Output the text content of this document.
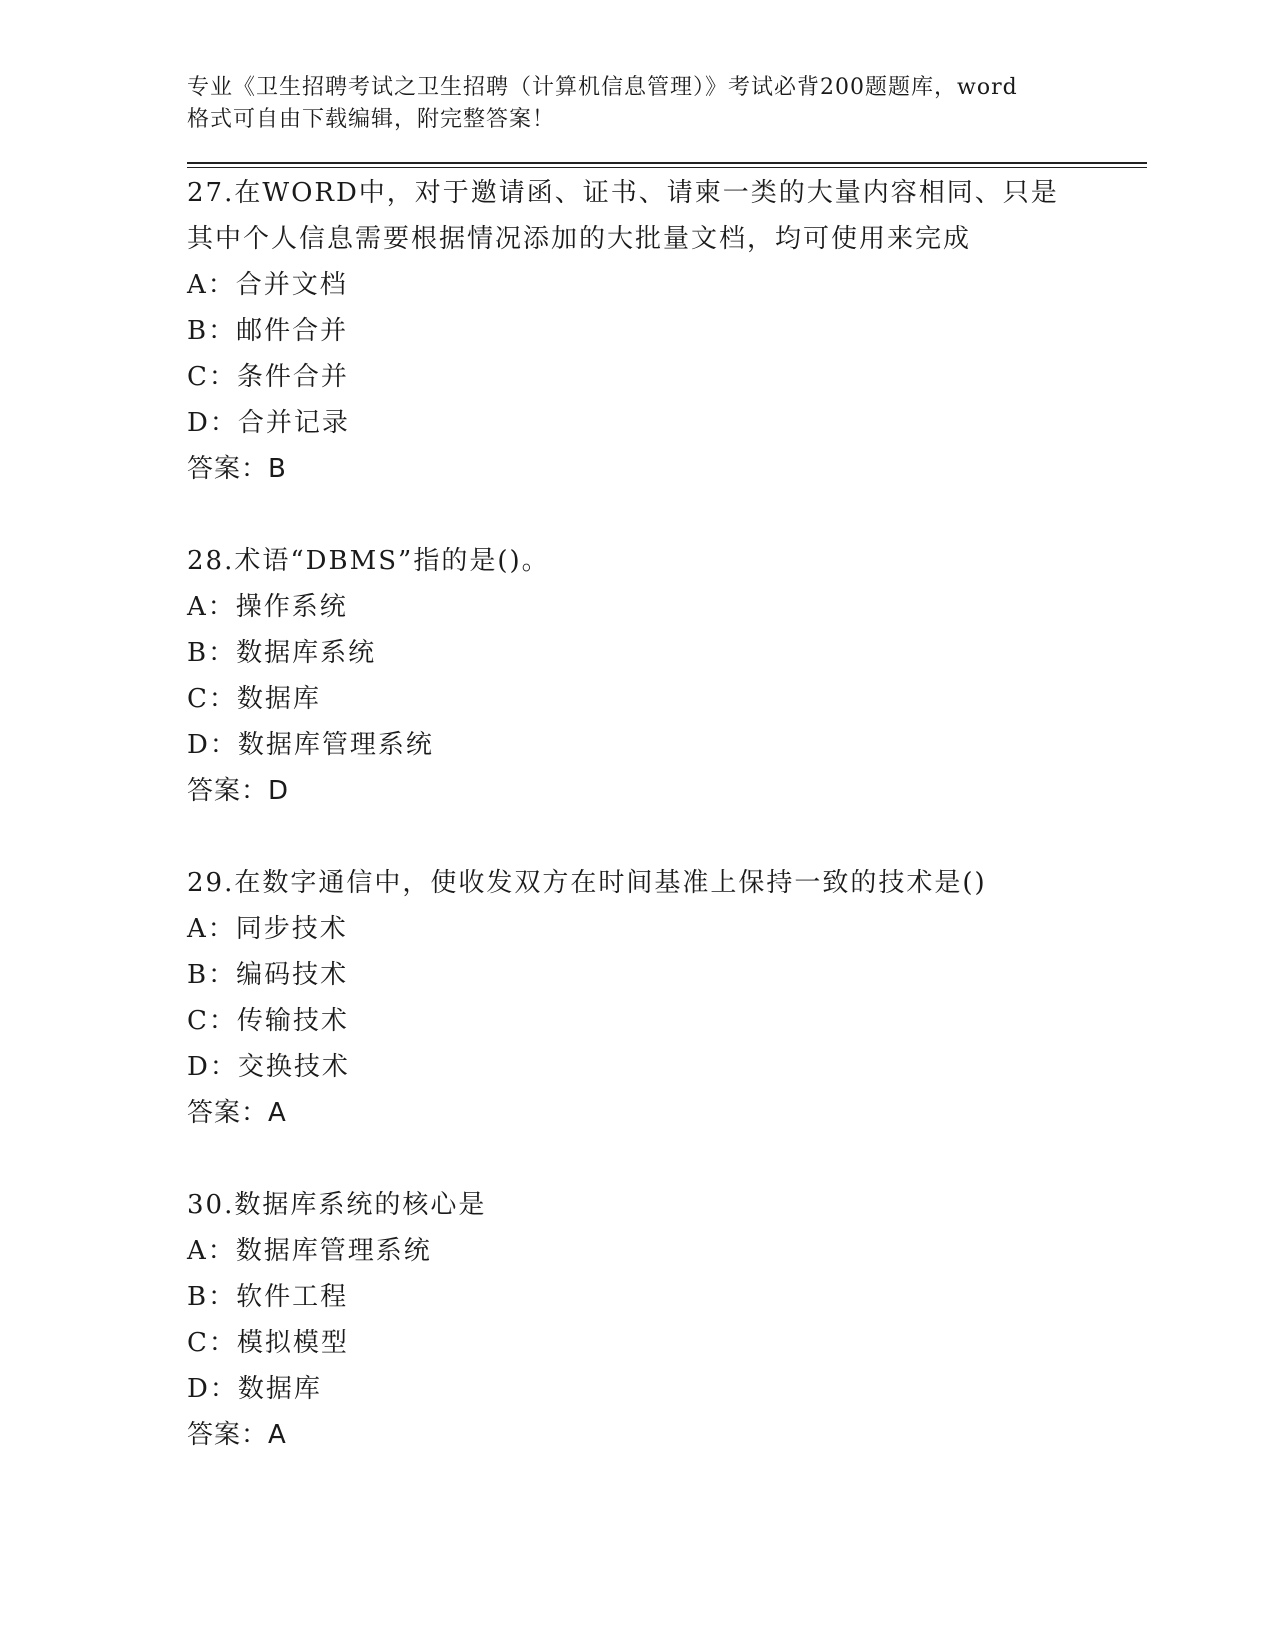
专业《卫生招聘考试之卫生招聘（计算机信息管理）》考试必背200题题库，word
格式可自由下载编辑，附完整答案！
27.在WORD中，对于邀请函、证书、请柬一类的大量内容相同、只是
其中个人信息需要根据情况添加的大批量文档，均可使用来完成
A：合并文档
B：邮件合并
C：条件合并
D：合并记录
答案：B
28.术语“DBMS”指的是()。
A：操作系统
B：数据库系统
C：数据库
D：数据库管理系统
答案：D
29.在数字通信中，使收发双方在时间基准上保持一致的技术是()
A：同步技术
B：编码技术
C：传输技术
D：交换技术
答案：A
30.数据库系统的核心是
A：数据库管理系统
B：软件工程
C：模拟模型
D：数据库
答案：A
